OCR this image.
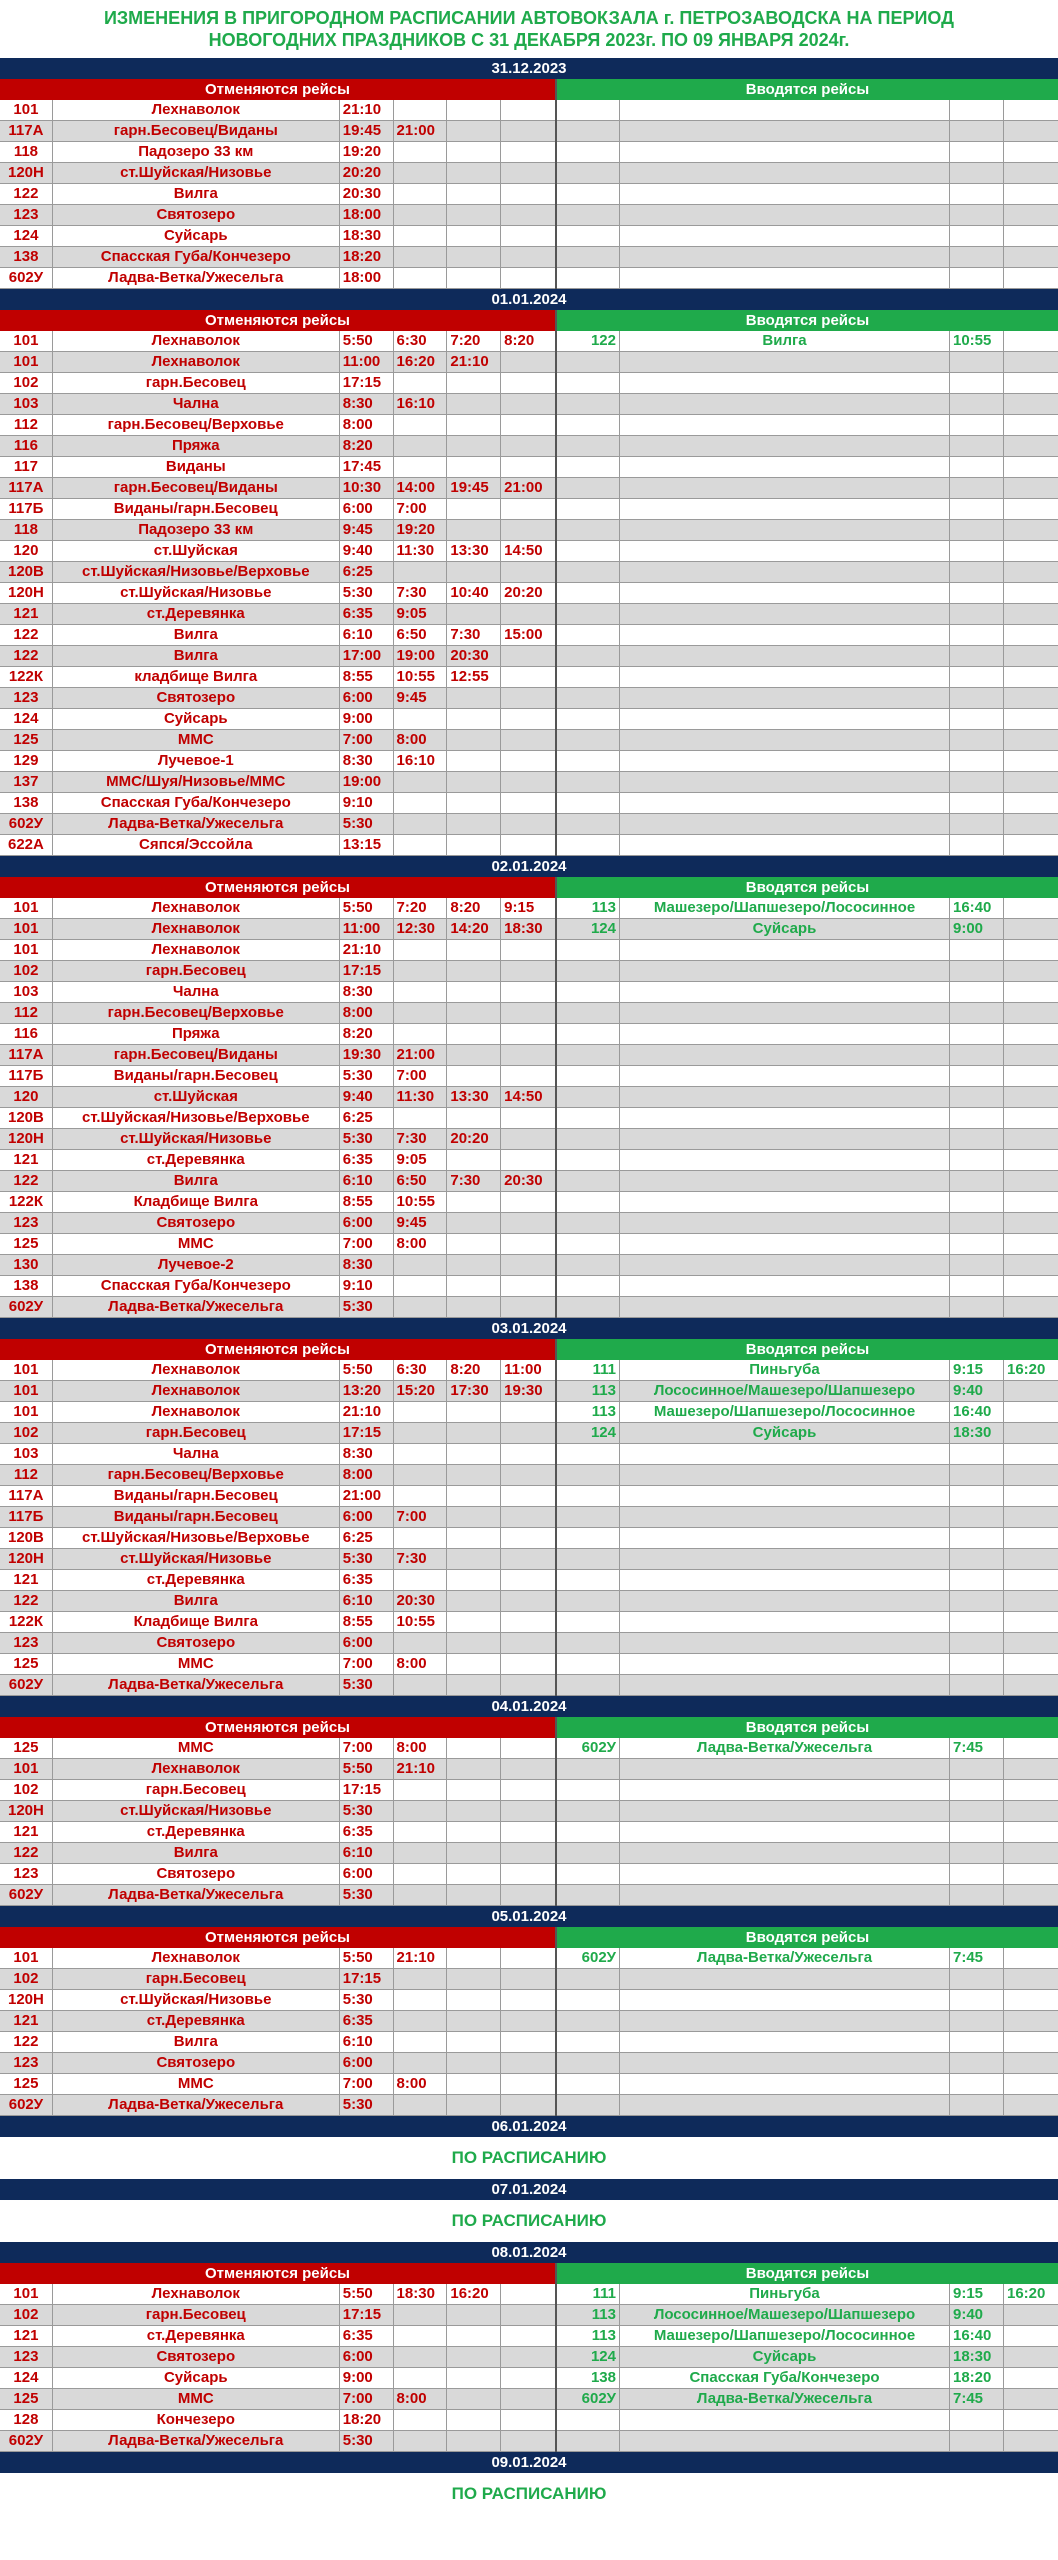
ИЗМЕНЕНИЯ В ПРИГОРОДНОМ РАСПИСАНИИ АВТОВОКЗАЛА г. ПЕТРОЗАВОДСКА НА ПЕРИОД НОВОГОДНИХ ПРАЗДНИКОВ С 31 ДЕКАБРЯ 2023г. ПО 09 ЯНВАРЯ 2024г.
31.12.2023
Отменяются рейсы
101	Лехнаволок	21:10
117А	гарн.Бесовец/Виданы	19:45	21:00
118	Падозеро 33 км	19:20
120Н	ст.Шуйская/Низовье	20:20
122	Вилга	20:30
123	Святозеро	18:00
124	Суйсарь	18:30
138	Спасская Губа/Кончезеро	18:20
602У	Ладва-Ветка/Ужесельга	18:00
Вводятся рейсы
01.01.2024
Отменяются рейсы
101	Лехнаволок	5:50	6:30	7:20	8:20
101	Лехнаволок	11:00	16:20	21:10
102	гарн.Бесовец	17:15
103	Чална	8:30	16:10
112	гарн.Бесовец/Верховье	8:00
116	Пряжа	8:20
117	Виданы	17:45
117А	гарн.Бесовец/Виданы	10:30	14:00	19:45	21:00
117Б	Виданы/гарн.Бесовец	6:00	7:00
118	Падозеро 33 км	9:45	19:20
120	ст.Шуйская	9:40	11:30	13:30	14:50
120В	ст.Шуйская/Низовье/Верховье	6:25
120Н	ст.Шуйская/Низовье	5:30	7:30	10:40	20:20
121	ст.Деревянка	6:35	9:05
122	Вилга	6:10	6:50	7:30	15:00
122	Вилга	17:00	19:00	20:30
122К	кладбище Вилга	8:55	10:55	12:55
123	Святозеро	6:00	9:45
124	Суйсарь	9:00
125	ММС	7:00	8:00
129	Лучевое-1	8:30	16:10
137	ММС/Шуя/Низовье/ММС	19:00
138	Спасская Губа/Кончезеро	9:10
602У	Ладва-Ветка/Ужесельга	5:30
622А	Сяпся/Эссойла	13:15
Вводятся рейсы
122	Вилга	10:55
02.01.2024
Отменяются рейсы
101	Лехнаволок	5:50	7:20	8:20	9:15
101	Лехнаволок	11:00	12:30	14:20	18:30
101	Лехнаволок	21:10
102	гарн.Бесовец	17:15
103	Чална	8:30
112	гарн.Бесовец/Верховье	8:00
116	Пряжа	8:20
117А	гарн.Бесовец/Виданы	19:30	21:00
117Б	Виданы/гарн.Бесовец	5:30	7:00
120	ст.Шуйская	9:40	11:30	13:30	14:50
120В	ст.Шуйская/Низовье/Верховье	6:25
120Н	ст.Шуйская/Низовье	5:30	7:30	20:20
121	ст.Деревянка	6:35	9:05
122	Вилга	6:10	6:50	7:30	20:30
122К	Кладбище Вилга	8:55	10:55
123	Святозеро	6:00	9:45
125	ММС	7:00	8:00
130	Лучевое-2	8:30
138	Спасская Губа/Кончезеро	9:10
602У	Ладва-Ветка/Ужесельга	5:30
Вводятся рейсы
113	Машезеро/Шапшезеро/Лососинное	16:40
124	Суйсарь	9:00
03.01.2024
Отменяются рейсы
101	Лехнаволок	5:50	6:30	8:20	11:00
101	Лехнаволок	13:20	15:20	17:30	19:30
101	Лехнаволок	21:10
102	гарн.Бесовец	17:15
103	Чална	8:30
112	гарн.Бесовец/Верховье	8:00
117А	Виданы/гарн.Бесовец	21:00
117Б	Виданы/гарн.Бесовец	6:00	7:00
120В	ст.Шуйская/Низовье/Верховье	6:25
120Н	ст.Шуйская/Низовье	5:30	7:30
121	ст.Деревянка	6:35
122	Вилга	6:10	20:30
122К	Кладбище Вилга	8:55	10:55
123	Святозеро	6:00
125	ММС	7:00	8:00
602У	Ладва-Ветка/Ужесельга	5:30
Вводятся рейсы
111	Пиньгуба	9:15	16:20
113	Лососинное/Машезеро/Шапшезеро	9:40
113	Машезеро/Шапшезеро/Лососинное	16:40
124	Суйсарь	18:30
04.01.2024
Отменяются рейсы
125	ММС	7:00	8:00
101	Лехнаволок	5:50	21:10
102	гарн.Бесовец	17:15
120Н	ст.Шуйская/Низовье	5:30
121	ст.Деревянка	6:35
122	Вилга	6:10
123	Святозеро	6:00
602У	Ладва-Ветка/Ужесельга	5:30
Вводятся рейсы
602У	Ладва-Ветка/Ужесельга	7:45
05.01.2024
Отменяются рейсы
101	Лехнаволок	5:50	21:10
102	гарн.Бесовец	17:15
120Н	ст.Шуйская/Низовье	5:30
121	ст.Деревянка	6:35
122	Вилга	6:10
123	Святозеро	6:00
125	ММС	7:00	8:00
602У	Ладва-Ветка/Ужесельга	5:30
Вводятся рейсы
602У	Ладва-Ветка/Ужесельга	7:45
06.01.2024
ПО РАСПИСАНИЮ
07.01.2024
ПО РАСПИСАНИЮ
08.01.2024
Отменяются рейсы
101	Лехнаволок	5:50	18:30	16:20
102	гарн.Бесовец	17:15
121	ст.Деревянка	6:35
123	Святозеро	6:00
124	Суйсарь	9:00
125	ММС	7:00	8:00
128	Кончезеро	18:20
602У	Ладва-Ветка/Ужесельга	5:30
Вводятся рейсы
111	Пиньгуба	9:15	16:20
113	Лососинное/Машезеро/Шапшезеро	9:40
113	Машезеро/Шапшезеро/Лососинное	16:40
124	Суйсарь	18:30
138	Спасская Губа/Кончезеро	18:20
602У	Ладва-Ветка/Ужесельга	7:45
09.01.2024
ПО РАСПИСАНИЮ
